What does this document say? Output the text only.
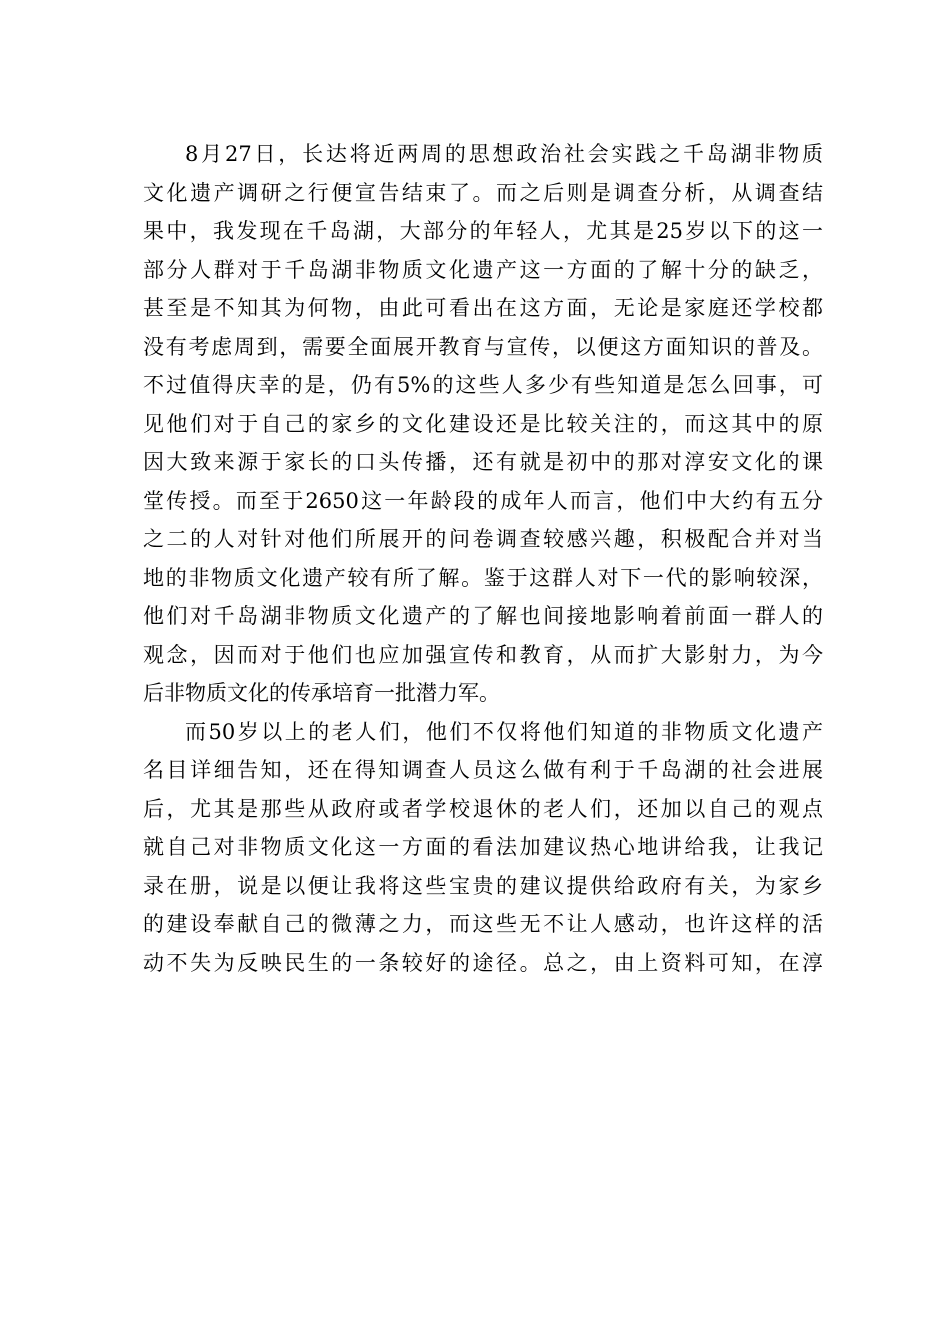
8月27日，长达将近两周的思想政治社会实践之千岛湖非物质
文化遗产调研之行便宣告结束了。而之后则是调查分析，从调查结
果中，我发现在千岛湖，大部分的年轻人，尤其是25岁以下的这一
部分人群对于千岛湖非物质文化遗产这一方面的了解十分的缺乏，
甚至是不知其为何物，由此可看出在这方面，无论是家庭还学校都
没有考虑周到，需要全面展开教育与宣传，以便这方面知识的普及。
不过值得庆幸的是，仍有5%的这些人多少有些知道是怎么回事，可
见他们对于自己的家乡的文化建设还是比较关注的，而这其中的原
因大致来源于家长的口头传播，还有就是初中的那对淳安文化的课
堂传授。而至于2650这一年龄段的成年人而言，他们中大约有五分
之二的人对针对他们所展开的问卷调查较感兴趣，积极配合并对当
地的非物质文化遗产较有所了解。鉴于这群人对下一代的影响较深，
他们对千岛湖非物质文化遗产的了解也间接地影响着前面一群人的
观念，因而对于他们也应加强宣传和教育，从而扩大影射力，为今
后非物质文化的传承培育一批潜力军。
而50岁以上的老人们，他们不仅将他们知道的非物质文化遗产
名目详细告知，还在得知调查人员这么做有利于千岛湖的社会进展
后，尤其是那些从政府或者学校退休的老人们，还加以自己的观点
就自己对非物质文化这一方面的看法加建议热心地讲给我，让我记
录在册，说是以便让我将这些宝贵的建议提供给政府有关，为家乡
的建设奉献自己的微薄之力，而这些无不让人感动，也许这样的活
动不失为反映民生的一条较好的途径。总之，由上资料可知，在淳
